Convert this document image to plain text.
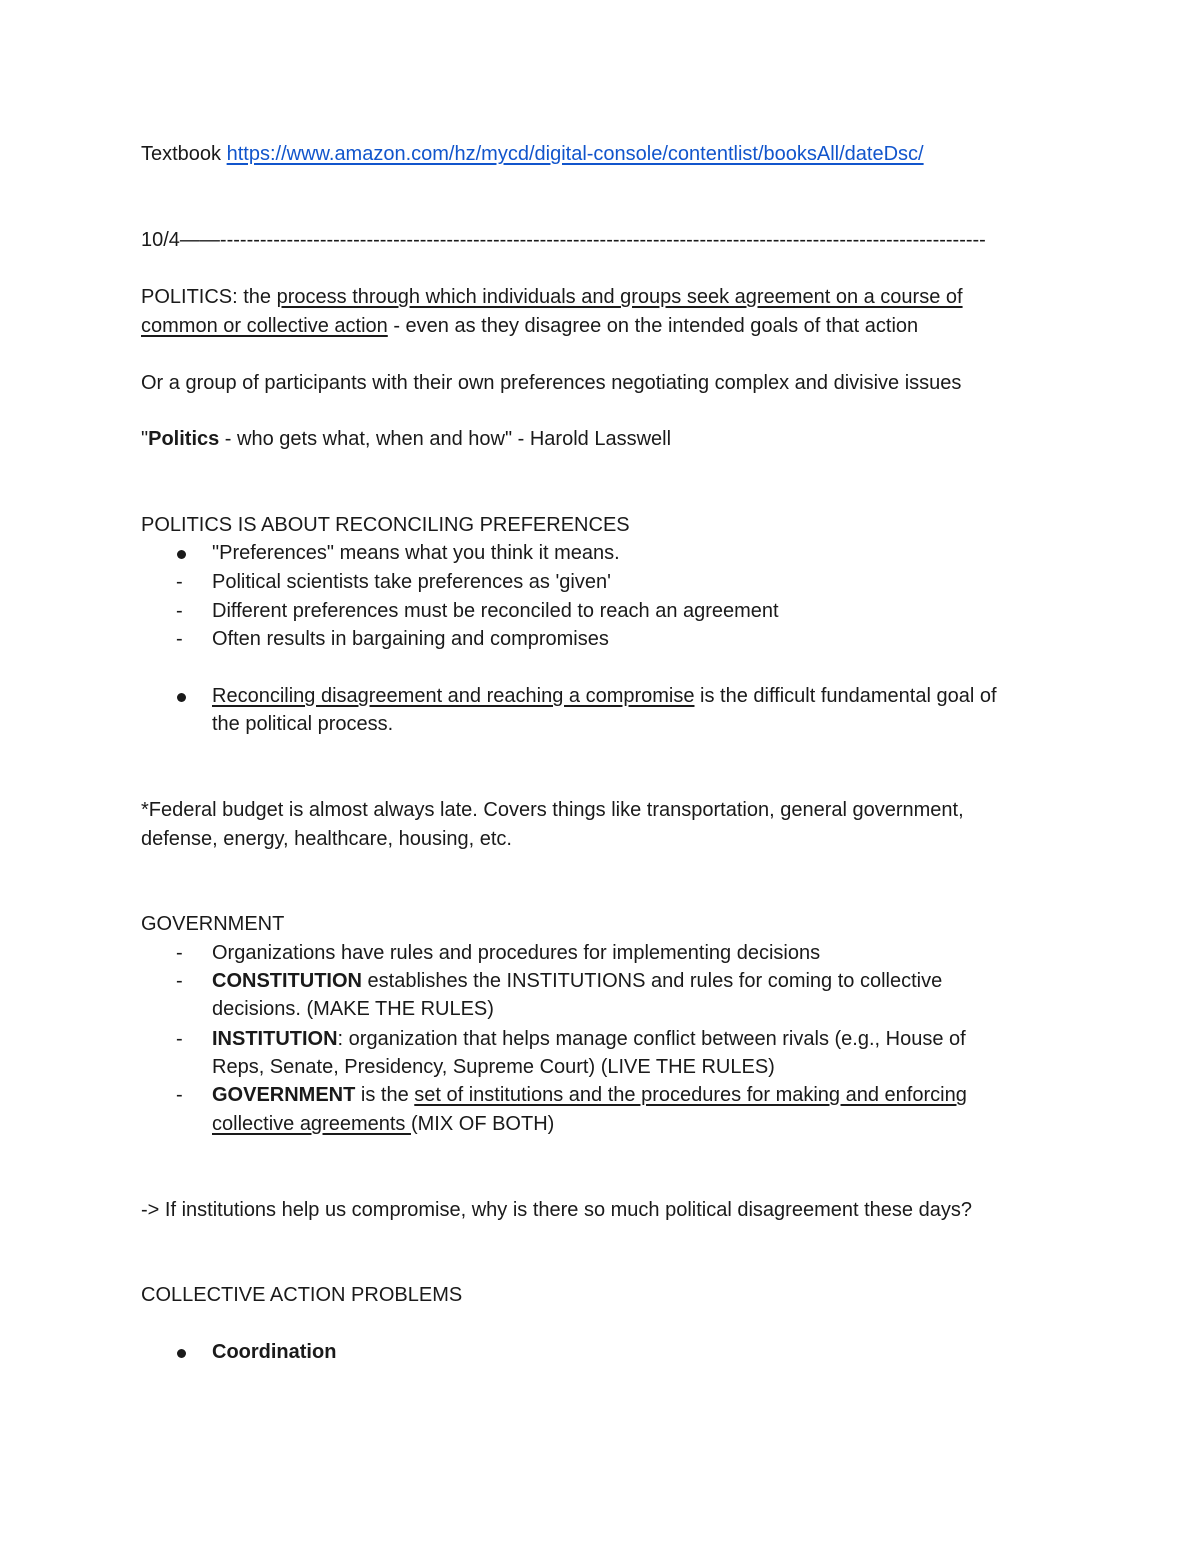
Textbook https://www.amazon.com/hz/mycd/digital-console/contentlist/booksAll/dateDsc/
10/4——-------------------------------------------------------------------------------------------------------------------
POLITICS: the process through which individuals and groups seek agreement on a course of
common or collective action - even as they disagree on the intended goals of that action
Or a group of participants with their own preferences negotiating complex and divisive issues
"Politics - who gets what, when and how" - Harold Lasswell
POLITICS IS ABOUT RECONCILING PREFERENCES
"Preferences" means what you think it means.
- Political scientists take preferences as 'given'
- Different preferences must be reconciled to reach an agreement
- Often results in bargaining and compromises
Reconciling disagreement and reaching a compromise is the difficult fundamental goal of
the political process.
*Federal budget is almost always late. Covers things like transportation, general government,
defense, energy, healthcare, housing, etc.
GOVERNMENT
- Organizations have rules and procedures for implementing decisions
- CONSTITUTION establishes the INSTITUTIONS and rules for coming to collective
decisions. (MAKE THE RULES)
- INSTITUTION: organization that helps manage conflict between rivals (e.g., House of
Reps, Senate, Presidency, Supreme Court) (LIVE THE RULES)
- GOVERNMENT is the set of institutions and the procedures for making and enforcing
collective agreements (MIX OF BOTH)
-> If institutions help us compromise, why is there so much political disagreement these days?
COLLECTIVE ACTION PROBLEMS
Coordination
